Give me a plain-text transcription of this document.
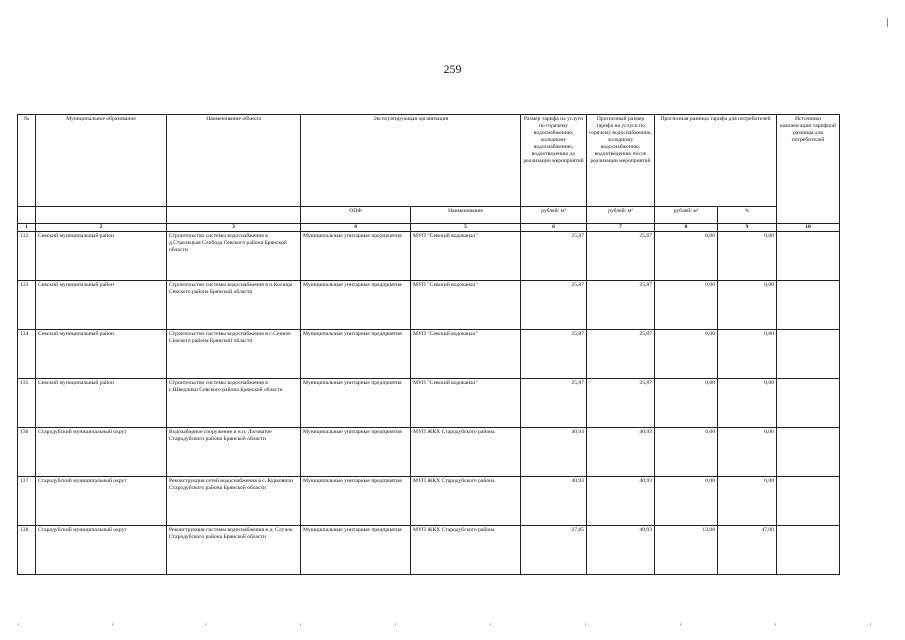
259
№	Муниципальное образование	Наименование объекта	Эксплуатирующая организация		Размер тарифа на услуги по горячему водоснабжению, холодному водоснабжению, водоотведению до реализации мероприятий	Прогнозный размер тарифа на услуги по горячему водоснабжению, холодному водоснабжению, водоотведению после реализации мероприятий	Прогнозная разница тарифа для потребителей		Источники компенсации тарифной разницы для потребителей
			ОПФ	Наименование	рублей/ м³	рублей/ м³	рублей/ м³	%	
1	2	3	4	5	6	7	8	9	10
132	Севский муниципальный район	Строительство системы водоснабжения в д.Стрелецкая Слобода Севского района Брянской области	Муниципальные унитарные предприятия	МУП "Севский водоканал"	25,87	25,87	0,00	0,00	
133	Севский муниципальный район	Строительство системы водоснабжения в п.Косицы Севского района Брянской области	Муниципальные унитарные предприятия	МУП "Севский водоканал"	25,87	25,87	0,00	0,00	
134	Севский муниципальный район	Строительство системы водоснабжения в с.Сенное Севского района Брянской области	Муниципальные унитарные предприятия	МУП "Севский водоканал"	25,87	25,87	0,00	0,00	
135	Севский муниципальный район	Строительство системы водоснабжения в с.Шведчики Севского района Брянской области	Муниципальные унитарные предприятия	МУП "Севский водоканал"	25,87	25,87	0,00	0,00	
136	Стародубский муниципальный округ	Водозаборное сооружение в н.п. Логоватое Стародубского района Брянской области	Муниципальные унитарные предприятия	МУП ЖКХ Стародубского района	40,93	40,93	0,00	0,00	
137	Стародубский муниципальный округ	Реконструкция сетей водоснабжения в с. Курковичи Стародубского района Брянской области	Муниципальные унитарные предприятия	МУП ЖКХ Стародубского района	40,93	40,93	0,00	0,00	
138	Стародубский муниципальный округ	Реконструкция системы водоснабжения в д. Случок Стародубского района Брянской области	Муниципальные унитарные предприятия	МУП ЖКХ Стародубского района	27,85	40,93	13,08	47,00	
'	'	'	'	'	'	'	'	'	'
